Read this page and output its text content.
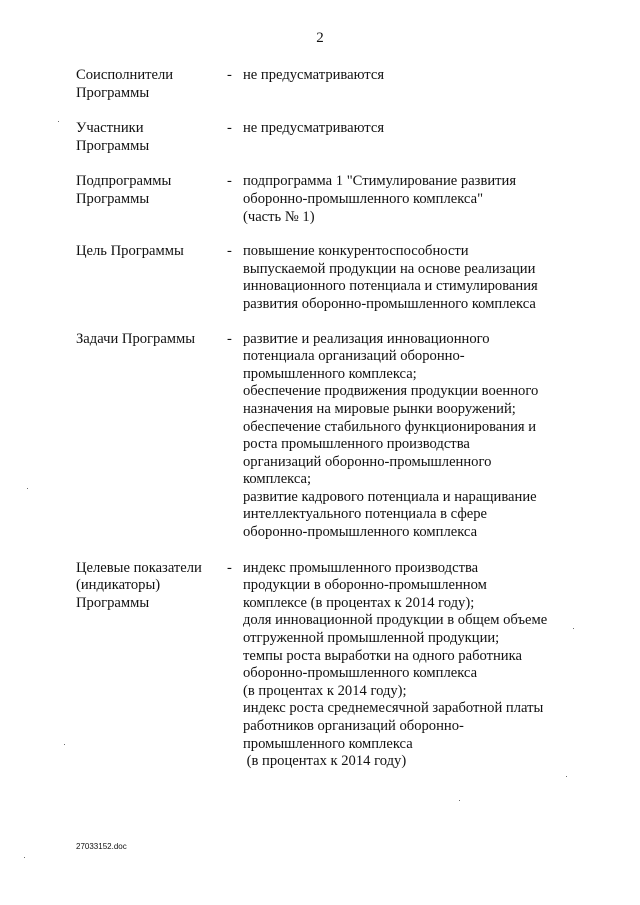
2
Соисполнители
Программы
- не предусматриваются
Участники
Программы
- не предусматриваются
Подпрограммы
Программы
- подпрограмма 1 "Стимулирование развития
оборонно-промышленного комплекса"
(часть № 1)
Цель Программы	- повышение конкурентоспособности
выпускаемой продукции на основе реализации
инновационного потенциала и стимулирования
развития оборонно-промышленного комплекса
Задачи Программы	- развитие и реализация инновационного
потенциала организаций оборонно-
промышленного комплекса;
обеспечение продвижения продукции военного
назначения на мировые рынки вооружений;
обеспечение стабильного функционирования и
роста промышленного производства
организаций оборонно-промышленного
комплекса;
развитие кадрового потенциала и наращивание
интеллектуального потенциала в сфере
оборонно-промышленного комплекса
Целевые показатели
(индикаторы)
Программы
- индекс промышленного производства
продукции в оборонно-промышленном
комплексе (в процентах к 2014 году);
доля инновационной продукции в общем объеме
отгруженной промышленной продукции;
темпы роста выработки на одного работника
оборонно-промышленного комплекса
(в процентах к 2014 году);
индекс роста среднемесячной заработной платы
работников организаций оборонно-
промышленного комплекса
(в процентах к 2014 году)
27033152.doc
